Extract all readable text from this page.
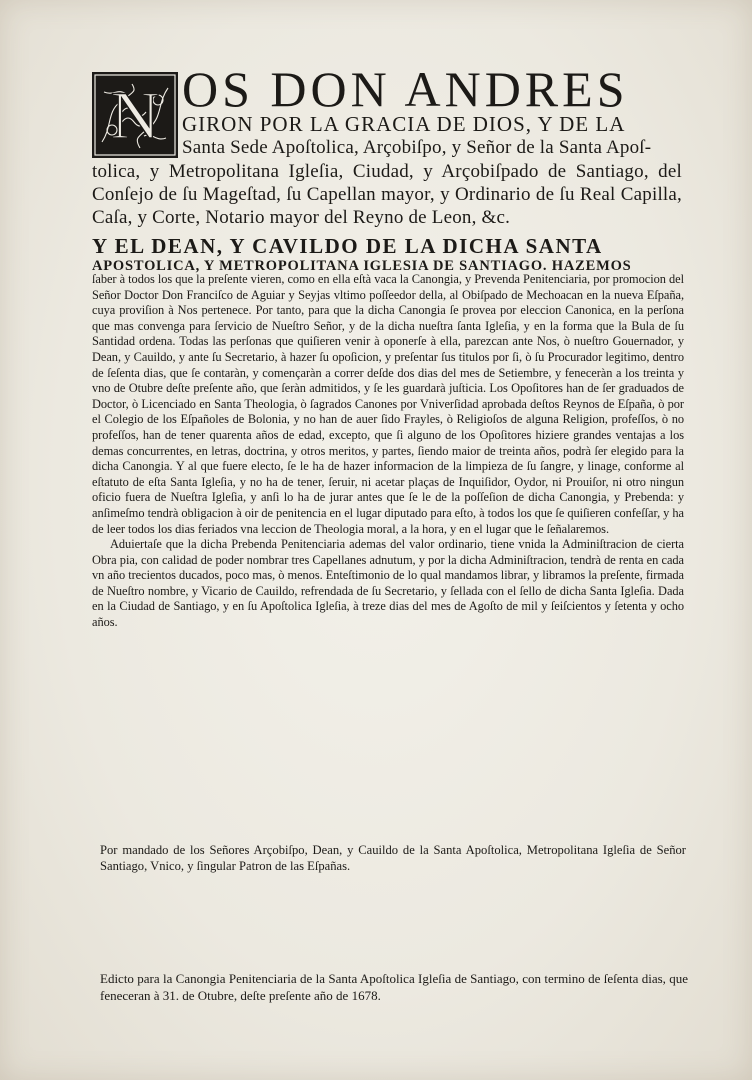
N OS DON ANDRES
GIRON POR LA GRACIA DE DIOS, Y DE LA
Santa Sede Apoſtolica, Arçobiſpo, y Señor de la Santa Apoſ-
tolica, y Metropolitana Igleſia, Ciudad, y Arçobiſpado de Santiago, del Conſejo de ſu Mageſtad, ſu Capellan mayor, y Ordinario de ſu Real Capilla, Caſa, y Corte, Notario mayor del Reyno de Leon, &c.
Y EL DEAN, Y CAVILDO DE LA DICHA SANTA
APOSTOLICA, Y METROPOLITANA IGLESIA DE SANTIAGO. HAZEMOS

ſaber à todos los que la preſente vieren, como en ella eſtà vaca la Canongia, y Prevenda Penitenciaria, por promocion del Señor Doctor Don Franciſco de Aguiar y Seyjas vltimo poſſeedor della, al Obiſpado de Mechoacan en la nueva Eſpaña, cuya proviſion à Nos pertenece. Por tanto, para que la dicha Canongia ſe provea por eleccion Canonica, en la perſona que mas convenga para ſervicio de Nueſtro Señor, y de la dicha nueſtra ſanta Igleſia, y en la forma que la Bula de ſu Santidad ordena. Todas las perſonas que quiſieren venir à oponerſe à ella, parezcan ante Nos, ò nueſtro Gouernador, y Dean, y Cauildo, y ante ſu Secretario, à hazer ſu opoſicion, y preſentar ſus titulos por ſi, ò ſu Procurador legitimo, dentro de ſeſenta dias, que ſe contaràn, y començaràn a correr deſde dos dias del mes de Setiembre, y feneceràn a los treinta y vno de Otubre deſte preſente año, que ſeràn admitidos, y ſe les guardarà juſticia. Los Opoſitores han de ſer graduados de Doctor, ò Licenciado en Santa Theologia, ò ſagrados Canones por Vniverſidad aprobada deſtos Reynos de Eſpaña, ò por el Colegio de los Eſpañoles de Bolonia, y no han de auer ſido Frayles, ò Religioſos de alguna Religion, profeſſos, ò no profeſſos, han de tener quarenta años de edad, excepto, que ſi alguno de los Opoſitores hiziere grandes ventajas a los demas concurrentes, en letras, doctrina, y otros meritos, y partes, ſiendo maior de treinta años, podrà ſer elegido para la dicha Canongia. Y al que fuere electo, ſe le ha de hazer informacion de la limpieza de ſu ſangre, y linage, conforme al eſtatuto de eſta Santa Igleſia, y no ha de tener, ſeruir, ni acetar plaças de Inquiſidor, Oydor, ni Prouiſor, ni otro ningun oficio fuera de Nueſtra Igleſia, y anſi lo ha de jurar antes que ſe le de la poſſeſion de dicha Canongia, y Prebenda: y anſimeſmo tendrà obligacion à oir de penitencia en el lugar diputado para eſto, à todos los que ſe quiſieren confeſſar, y ha de leer todos los dias feriados vna leccion de Theologia moral, a la hora, y en el lugar que le ſeñalaremos.

Aduiertaſe que la dicha Prebenda Penitenciaria ademas del valor ordinario, tiene vnida la Adminiſtracion de cierta Obra pia, con calidad de poder nombrar tres Capellanes adnutum, y por la dicha Adminiſtracion, tendrà de renta en cada vn año trecientos ducados, poco mas, ò menos. Enteſtimonio de lo qual mandamos librar, y libramos la preſente, firmada de Nueſtro nombre, y Vicario de Cauildo, refrendada de ſu Secretario, y ſellada con el ſello de dicha Santa Igleſia. Dada en la Ciudad de Santiago, y en ſu Apoſtolica Igleſia, à treze dias del mes de Agoſto de mil y ſeiſcientos y ſetenta y ocho años.

Por mandado de los Señores Arçobiſpo, Dean, y Cauildo de la Santa Apoſtolica, Metropolitana Igleſia de Señor Santiago, Vnico, y ſingular Patron de las Eſpañas.
Edicto para la Canongia Penitenciaria de la Santa Apoſtolica Igleſia de Santiago, con termino de ſeſenta dias, que feneceran à 31. de Otubre, deſte preſente año de 1678.
